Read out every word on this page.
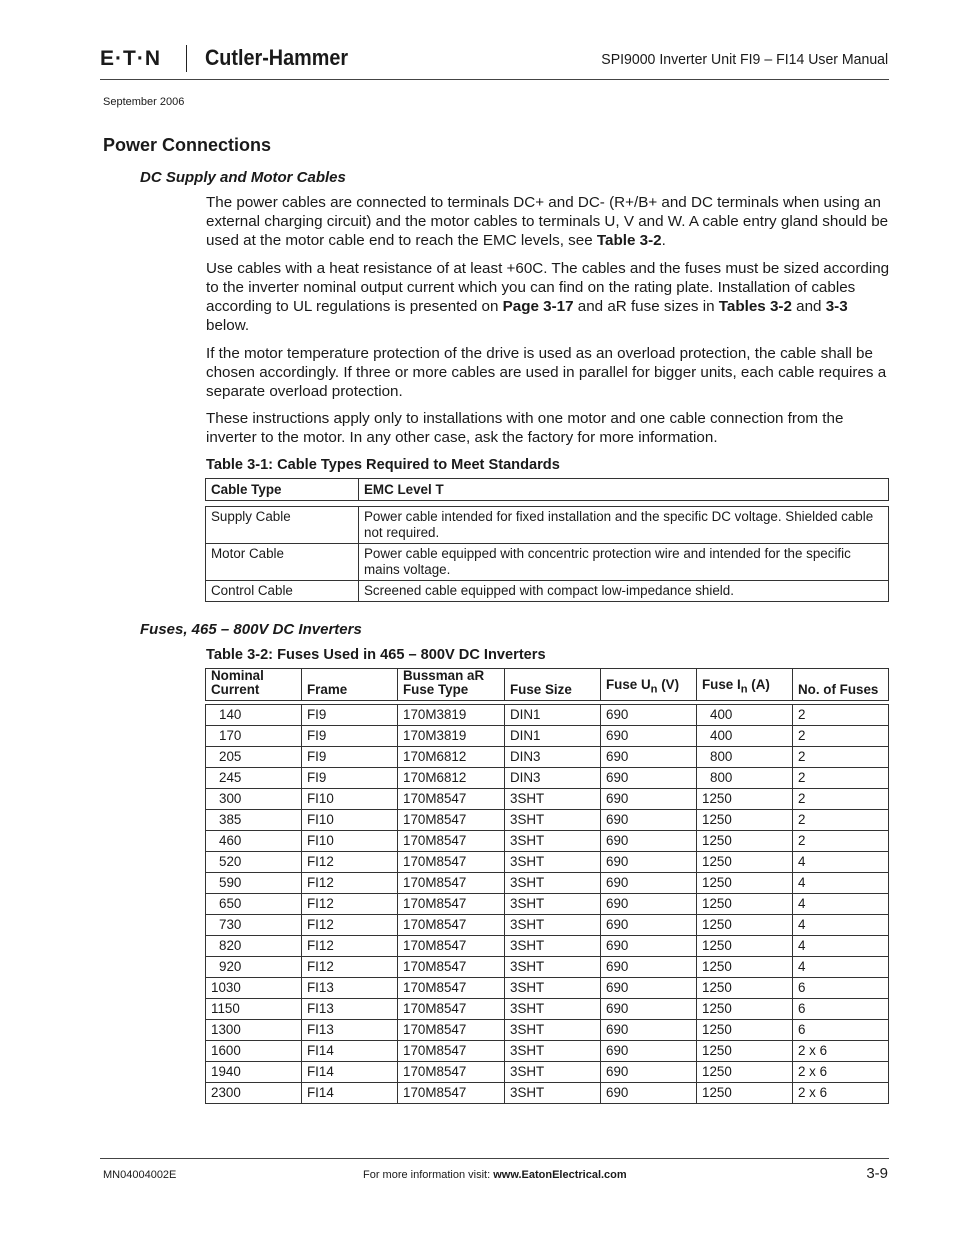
E·T·N Cutler-Hammer	SPI9000 Inverter Unit FI9 – FI14 User Manual
September 2006
Power Connections
DC Supply and Motor Cables

The power cables are connected to terminals DC+ and DC- (R+/B+ and DC terminals when using an external charging circuit) and the motor cables to terminals U, V and W. A cable entry gland should be used at the motor cable end to reach the EMC levels, see Table 3-2.

Use cables with a heat resistance of at least +60C. The cables and the fuses must be sized according to the inverter nominal output current which you can find on the rating plate. Installation of cables according to UL regulations is presented on Page 3-17 and aR fuse sizes in Tables 3-2 and 3-3 below.

If the motor temperature protection of the drive is used as an overload protection, the cable shall be chosen accordingly. If three or more cables are used in parallel for bigger units, each cable requires a separate overload protection.

These instructions apply only to installations with one motor and one cable connection from the inverter to the motor. In any other case, ask the factory for more information.

Table 3-1: Cable Types Required to Meet Standards
Cable Type	EMC Level T

Supply Cable	Power cable intended for fixed installation and the specific DC voltage. Shielded cable not required.
Motor Cable	Power cable equipped with concentric protection wire and intended for the specific mains voltage.
Control Cable	Screened cable equipped with compact low-impedance shield.
Fuses, 465 – 800V DC Inverters
Table 3-2: Fuses Used in 465 – 800V DC Inverters
Nominal Current	Frame	Bussman aR Fuse Type	Fuse Size	Fuse $U_n$ (V)	Fuse $I_n$ (A)	No. of Fuses

140	FI9	170M3819	DIN1	690	400	2
170	FI9	170M3819	DIN1	690	400	2
205	FI9	170M6812	DIN3	690	800	2
245	FI9	170M6812	DIN3	690	800	2
300	FI10	170M8547	3SHT	690	1250	2
385	FI10	170M8547	3SHT	690	1250	2
460	FI10	170M8547	3SHT	690	1250	2
520	FI12	170M8547	3SHT	690	1250	4
590	FI12	170M8547	3SHT	690	1250	4
650	FI12	170M8547	3SHT	690	1250	4
730	FI12	170M8547	3SHT	690	1250	4
820	FI12	170M8547	3SHT	690	1250	4
920	FI12	170M8547	3SHT	690	1250	4
1030	FI13	170M8547	3SHT	690	1250	6
1150	FI13	170M8547	3SHT	690	1250	6
1300	FI13	170M8547	3SHT	690	1250	6
1600	FI14	170M8547	3SHT	690	1250	2 x 6
1940	FI14	170M8547	3SHT	690	1250	2 x 6
2300	FI14	170M8547	3SHT	690	1250	2 x 6
MN04004002E	For more information visit: www.EatonElectrical.com	3-9
